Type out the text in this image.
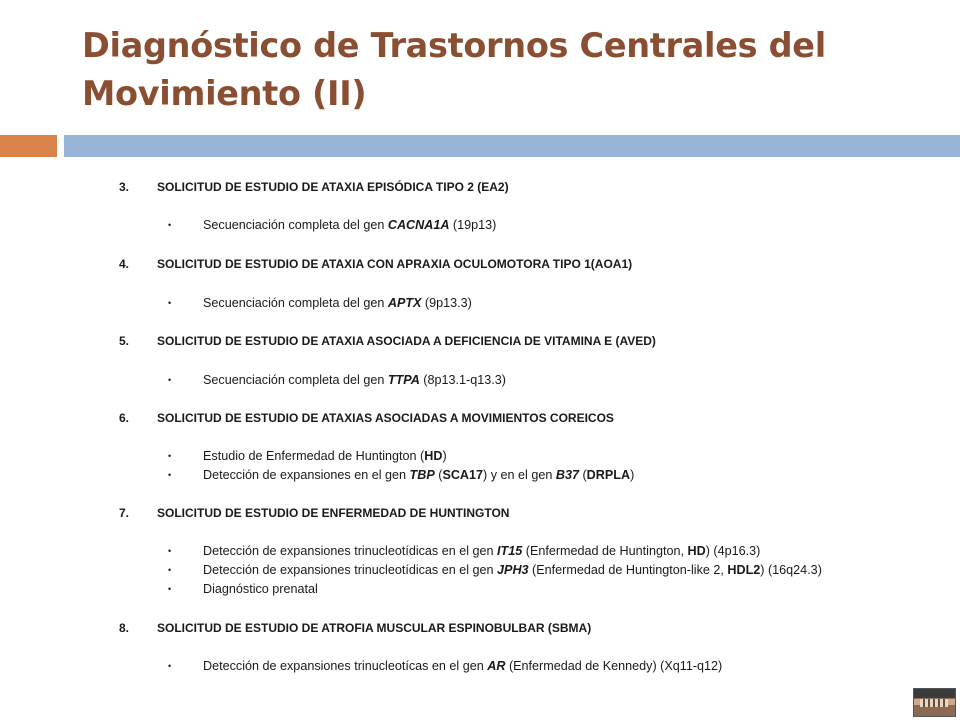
Diagnóstico de Trastornos Centrales del Movimiento (II)
3. SOLICITUD DE ESTUDIO DE ATAXIA EPISÓDICA TIPO 2 (EA2)
•	Secuenciación completa del gen CACNA1A (19p13)
4. SOLICITUD DE ESTUDIO DE ATAXIA CON APRAXIA OCULOMOTORA TIPO 1(AOA1)
•	Secuenciación completa del gen APTX (9p13.3)
5. SOLICITUD DE ESTUDIO DE ATAXIA ASOCIADA A DEFICIENCIA DE VITAMINA E (AVED)
•	Secuenciación completa del gen TTPA (8p13.1-q13.3)
6. SOLICITUD DE ESTUDIO DE ATAXIAS ASOCIADAS A MOVIMIENTOS COREICOS
•	Estudio de Enfermedad de Huntington (HD)
•	Detección de expansiones en el gen TBP (SCA17) y en el gen B37 (DRPLA)
7. SOLICITUD DE ESTUDIO DE ENFERMEDAD DE HUNTINGTON
•	Detección de expansiones trinucleotídicas en el gen IT15 (Enfermedad de Huntington, HD) (4p16.3)
•	Detección de expansiones trinucleotídicas en el gen JPH3 (Enfermedad de Huntington-like 2, HDL2) (16q24.3)
•	Diagnóstico prenatal
8. SOLICITUD DE ESTUDIO DE ATROFIA MUSCULAR ESPINOBULBAR (SBMA)
•	Detección de expansiones trinucleotícas en el gen AR (Enfermedad de Kennedy) (Xq11-q12)
